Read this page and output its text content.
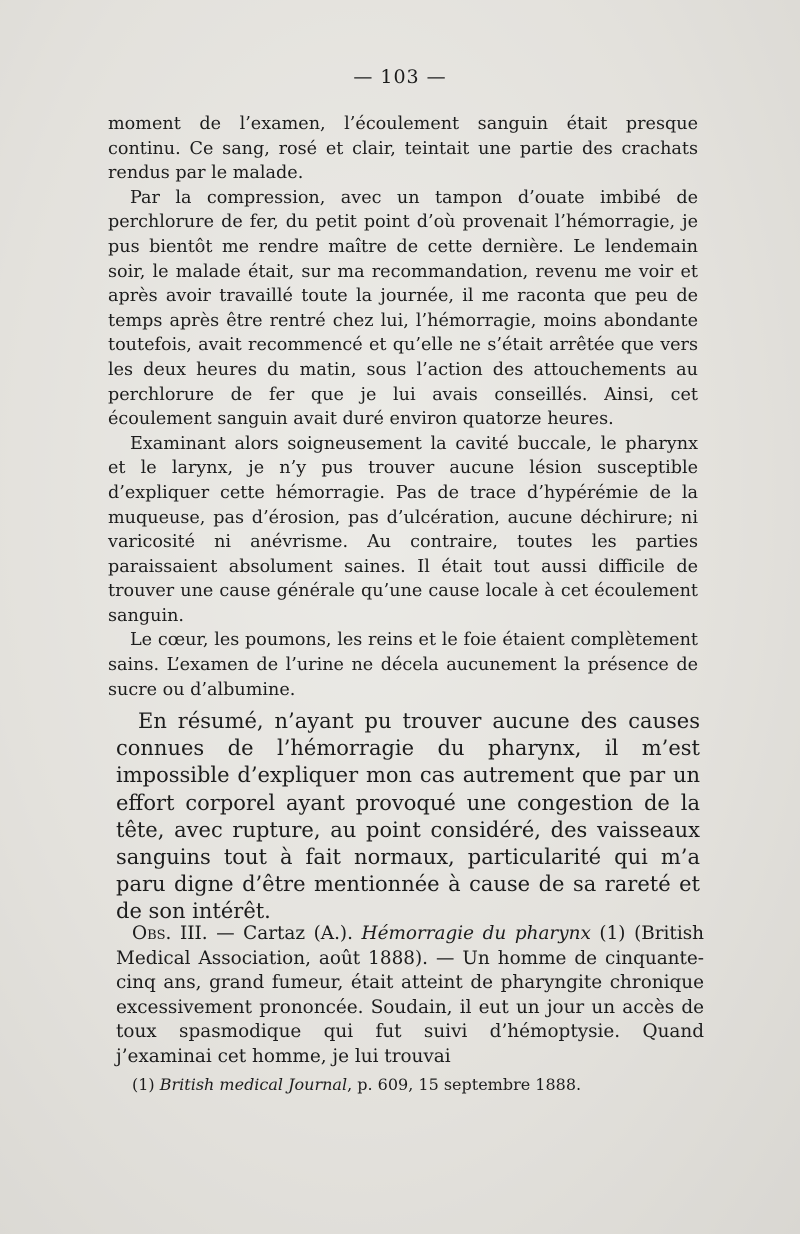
— 103 —

moment de l’examen, l’écoulement sanguin était presque continu. Ce sang, rosé et clair, teintait une partie des crachats rendus par le malade.

Par la compression, avec un tampon d’ouate imbibé de perchlorure de fer, du petit point d’où provenait l’hémorragie, je pus bientôt me rendre maître de cette dernière. Le lendemain soir, le malade était, sur ma recommandation, revenu me voir et après avoir travaillé toute la journée, il me raconta que peu de temps après être rentré chez lui, l’hémorragie, moins abondante toutefois, avait recommencé et qu’elle ne s’était arrêtée que vers les deux heures du matin, sous l’action des attouchements au perchlorure de fer que je lui avais conseillés. Ainsi, cet écoulement sanguin avait duré environ quatorze heures.

Examinant alors soigneusement la cavité buccale, le pharynx et le larynx, je n’y pus trouver aucune lésion susceptible d’expliquer cette hémorragie. Pas de trace d’hypérémie de la muqueuse, pas d’érosion, pas d’ulcération, aucune déchirure; ni varicosité ni anévrisme. Au contraire, toutes les parties paraissaient absolument saines. Il était tout aussi difficile de trouver une cause générale qu’une cause locale à cet écoulement sanguin.

Le cœur, les poumons, les reins et le foie étaient complètement sains. L’examen de l’urine ne décela aucunement la présence de sucre ou d’albumine.

En résumé, n’ayant pu trouver aucune des causes connues de l’hémorragie du pharynx, il m’est impossible d’expliquer mon cas autrement que par un effort corporel ayant provoqué une congestion de la tête, avec rupture, au point considéré, des vaisseaux sanguins tout à fait normaux, particularité qui m’a paru digne d’être mentionnée à cause de sa rareté et de son intérêt.
Obs. III. — Cartaz (A.). Hémorragie du pharynx (1) (British Medical Association, août 1888). — Un homme de cinquante-cinq ans, grand fumeur, était atteint de pharyngite chronique excessivement prononcée. Soudain, il eut un jour un accès de toux spasmodique qui fut suivi d’hémoptysie. Quand j’examinai cet homme, je lui trouvai
(1) British medical Journal, p. 609, 15 septembre 1888.
